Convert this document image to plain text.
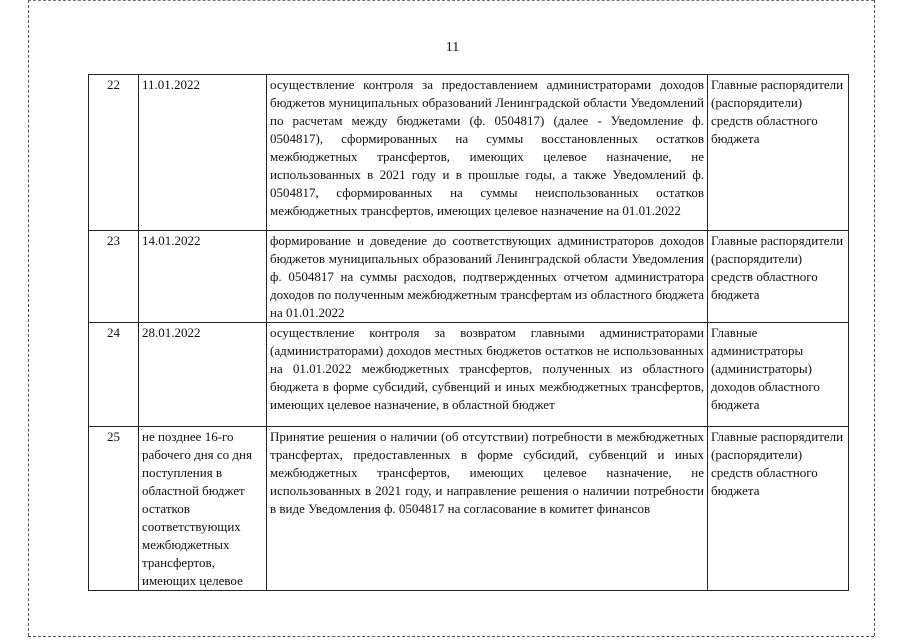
11
22	11.01.2022	осуществление контроля за предоставлением администраторами доходов бюджетов муниципальных образований Ленинградской области Уведомлений по расчетам между бюджетами (ф. 0504817) (далее - Уведомление ф. 0504817), сформированных на суммы восстановленных остатков межбюджетных трансфертов, имеющих целевое назначение, не использованных в 2021 году и в прошлые годы, а также Уведомлений ф. 0504817, сформированных на суммы неиспользованных остатков межбюджетных трансфертов, имеющих целевое назначение на 01.01.2022	Главные распорядители (распорядители) средств областного бюджета
23	14.01.2022	формирование и доведение до соответствующих администраторов доходов бюджетов муниципальных образований Ленинградской области Уведомления ф. 0504817 на суммы расходов, подтвержденных отчетом администратора доходов по полученным межбюджетным трансфертам из областного бюджета на 01.01.2022	Главные распорядители (распорядители) средств областного бюджета
24	28.01.2022	осуществление контроля за возвратом главными администраторами (администраторами) доходов местных бюджетов остатков не использованных на 01.01.2022 межбюджетных трансфертов, полученных из областного бюджета в форме субсидий, субвенций и иных межбюджетных трансфертов, имеющих целевое назначение, в областной бюджет	Главные администраторы (администраторы) доходов областного бюджета
25	не позднее 16-го рабочего дня со дня поступления в областной бюджет остатков соответствующих межбюджетных трансфертов, имеющих целевое	Принятие решения о наличии (об отсутствии) потребности в межбюджетных трансфертах, предоставленных в форме субсидий, субвенций и иных межбюджетных трансфертов, имеющих целевое назначение, не использованных в 2021 году, и направление решения о наличии потребности в виде Уведомления ф. 0504817 на согласование в комитет финансов	Главные распорядители (распорядители) средств областного бюджета
